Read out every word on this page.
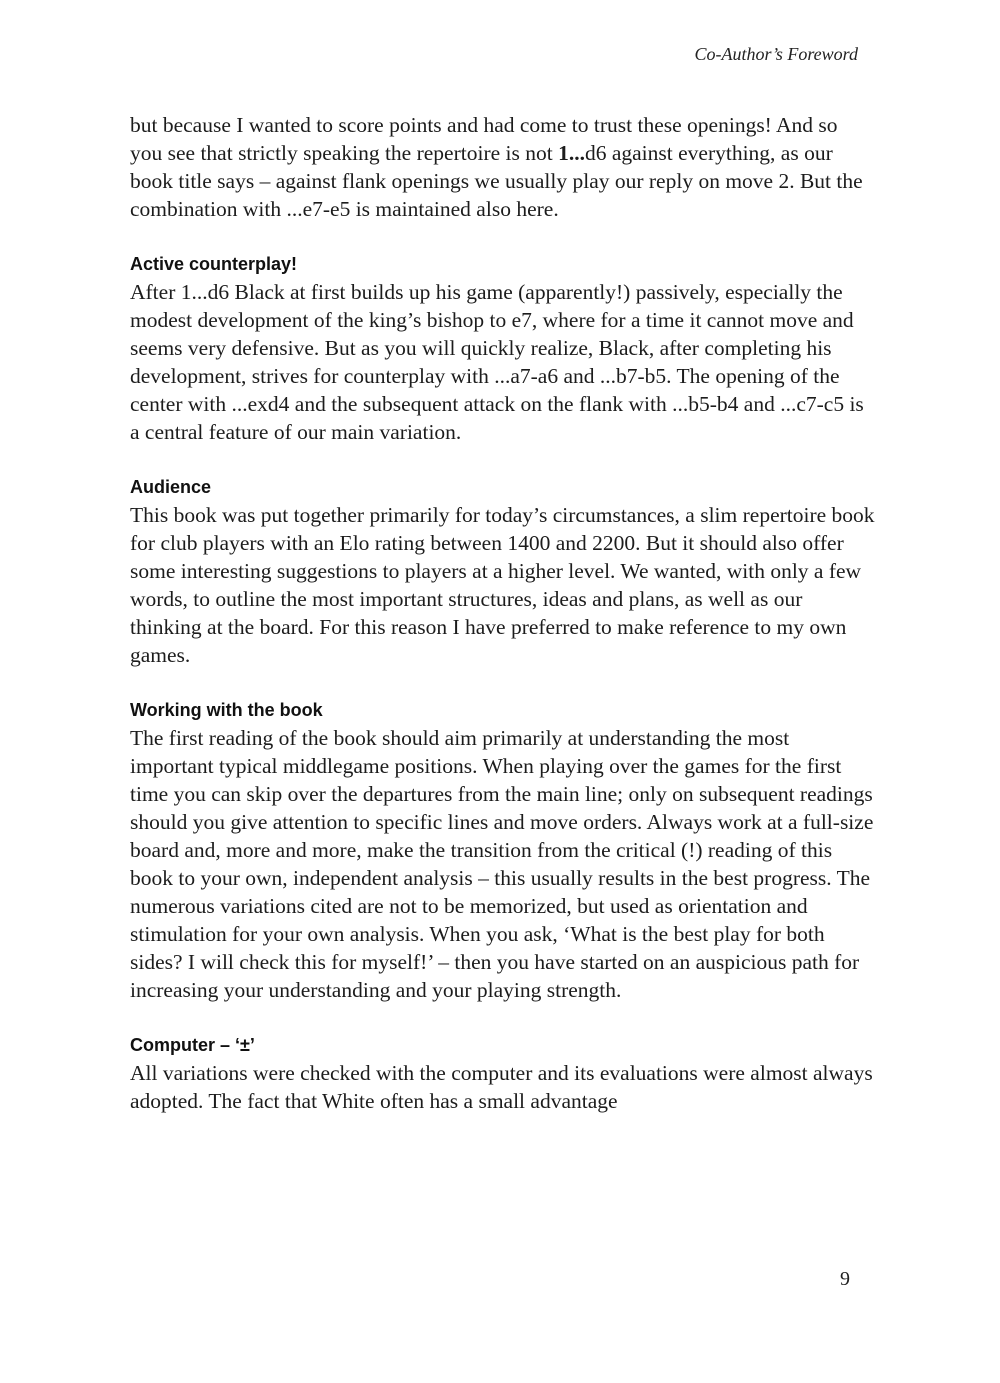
Co-Author’s Foreword

but because I wanted to score points and had come to trust these openings! And so you see that strictly speaking the repertoire is not 1...d6 against everything, as our book title says – against flank openings we usually play our reply on move 2. But the combination with ...e7-e5 is maintained also here.

Active counterplay!

After 1...d6 Black at first builds up his game (apparently!) passively, especially the modest development of the king’s bishop to e7, where for a time it cannot move and seems very defensive. But as you will quickly realize, Black, after completing his development, strives for counterplay with ...a7-a6 and ...b7-b5. The opening of the center with ...exd4 and the subsequent attack on the flank with ...b5-b4 and ...c7-c5 is a central feature of our main variation.

Audience

This book was put together primarily for today’s circumstances, a slim repertoire book for club players with an Elo rating between 1400 and 2200. But it should also offer some interesting suggestions to players at a higher level. We wanted, with only a few words, to outline the most important structures, ideas and plans, as well as our thinking at the board. For this reason I have preferred to make reference to my own games.

Working with the book

The first reading of the book should aim primarily at understanding the most important typical middlegame positions. When playing over the games for the first time you can skip over the departures from the main line; only on subsequent readings should you give attention to specific lines and move orders. Always work at a full-size board and, more and more, make the transition from the critical (!) reading of this book to your own, independent analysis – this usually results in the best progress. The numerous variations cited are not to be memorized, but used as orientation and stimulation for your own analysis. When you ask, ‘What is the best play for both sides? I will check this for myself!’ – then you have started on an auspicious path for increasing your understanding and your playing strength.

Computer – ‘±’

All variations were checked with the computer and its evaluations were almost always adopted. The fact that White often has a small advantage

9
